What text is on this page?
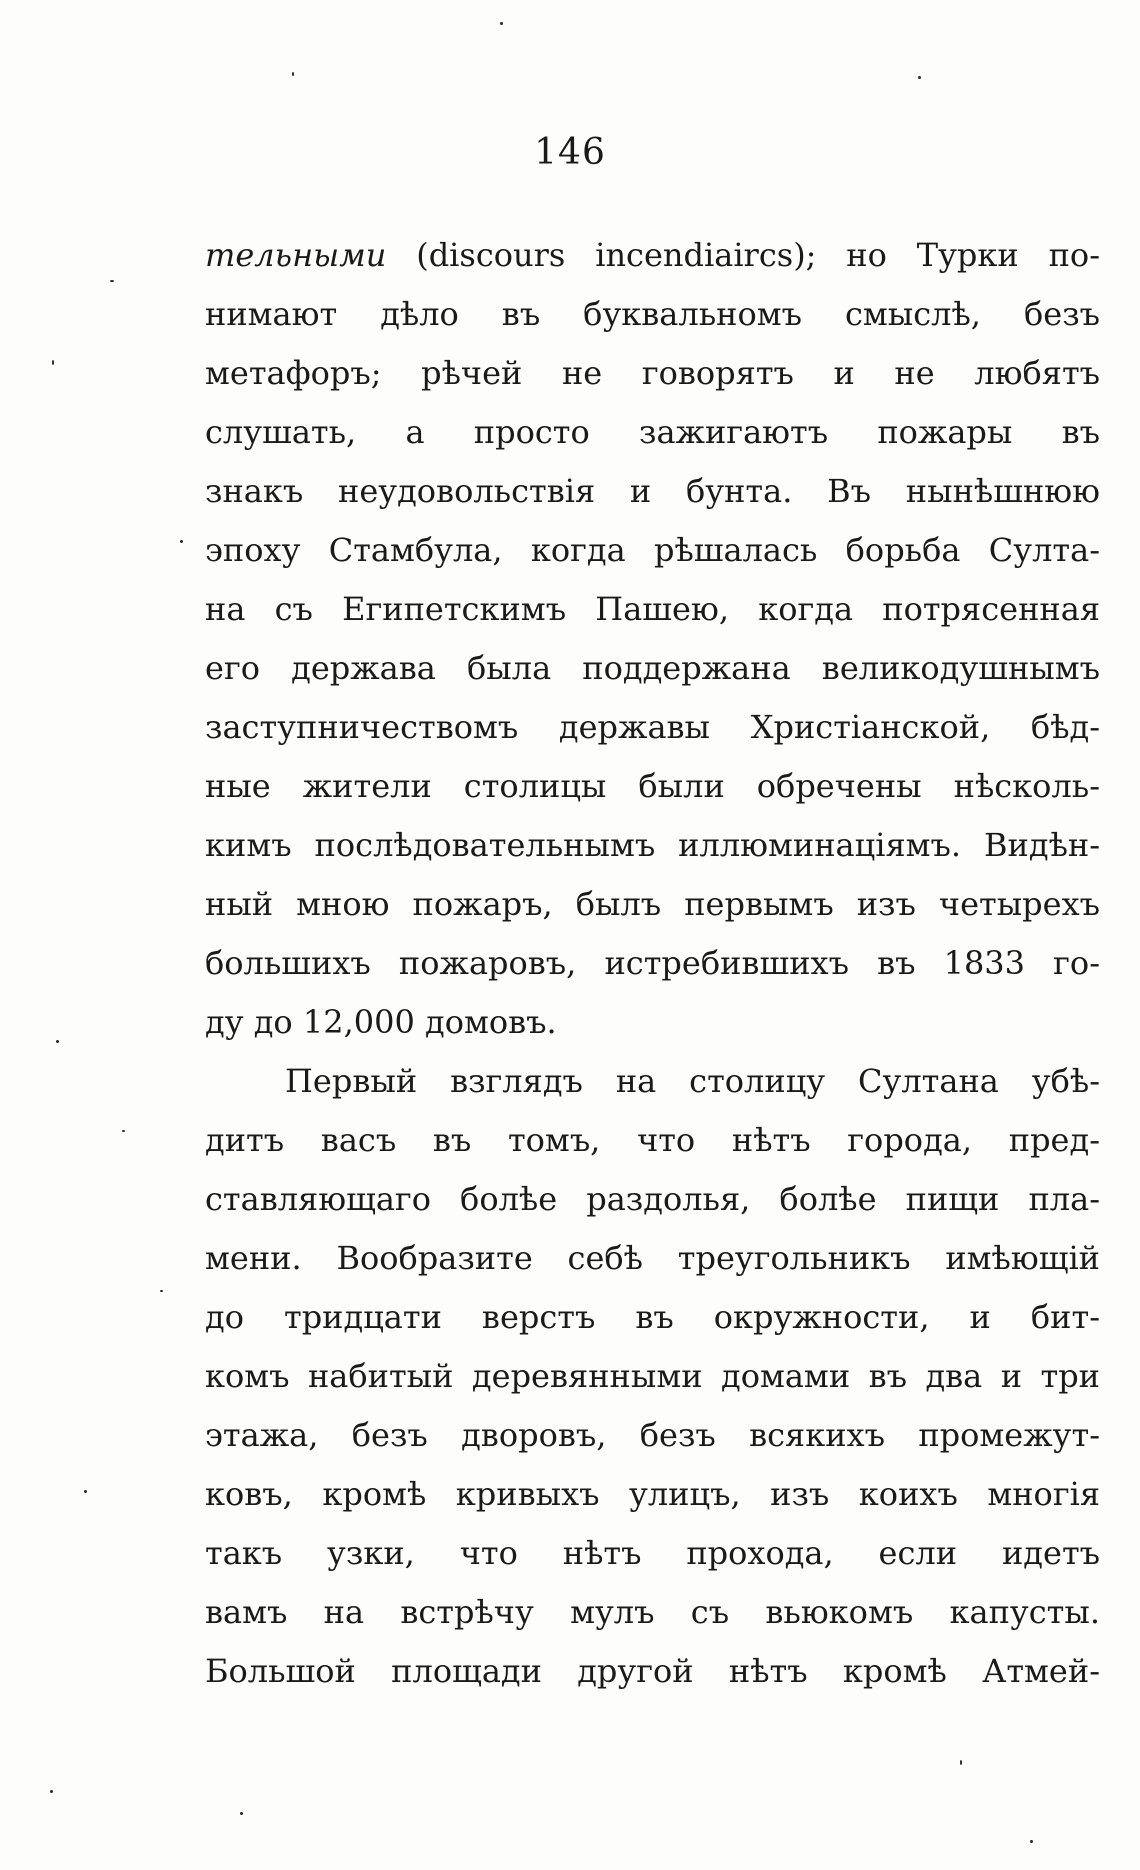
146
тельными (discours incendiaircs); но Турки по-
нимают дѣло въ буквальномъ смыслѣ, безъ
метафоръ; рѣчей не говорятъ и не любятъ
слушать, а просто зажигаютъ пожары въ
знакъ неудовольствія и бунта. Въ нынѣшнюю
эпоху Стамбула, когда рѣшалась борьба Султа-
на съ Египетскимъ Пашею, когда потрясенная
его держава была поддержана великодушнымъ
заступничествомъ державы Христіанской, бѣд-
ные жители столицы были обречены нѣсколь-
кимъ послѣдовательнымъ иллюминаціямъ. Видѣн-
ный мною пожаръ, былъ первымъ изъ четырехъ
большихъ пожаровъ, истребившихъ въ 1833 го-
ду до 12,000 домовъ.
Первый взглядъ на столицу Султана убѣ-
дитъ васъ въ томъ, что нѣтъ города, пред-
ставляющаго болѣе раздолья, болѣе пищи пла-
мени. Вообразите себѣ треугольникъ имѣющій
до тридцати верстъ въ окружности, и бит-
комъ набитый деревянными домами въ два и три
этажа, безъ дворовъ, безъ всякихъ промежут-
ковъ, кромѣ кривыхъ улицъ, изъ коихъ многія
такъ узки, что нѣтъ прохода, если идетъ
вамъ на встрѣчу мулъ съ вьюкомъ капусты.
Большой площади другой нѣтъ кромѣ Атмей-
